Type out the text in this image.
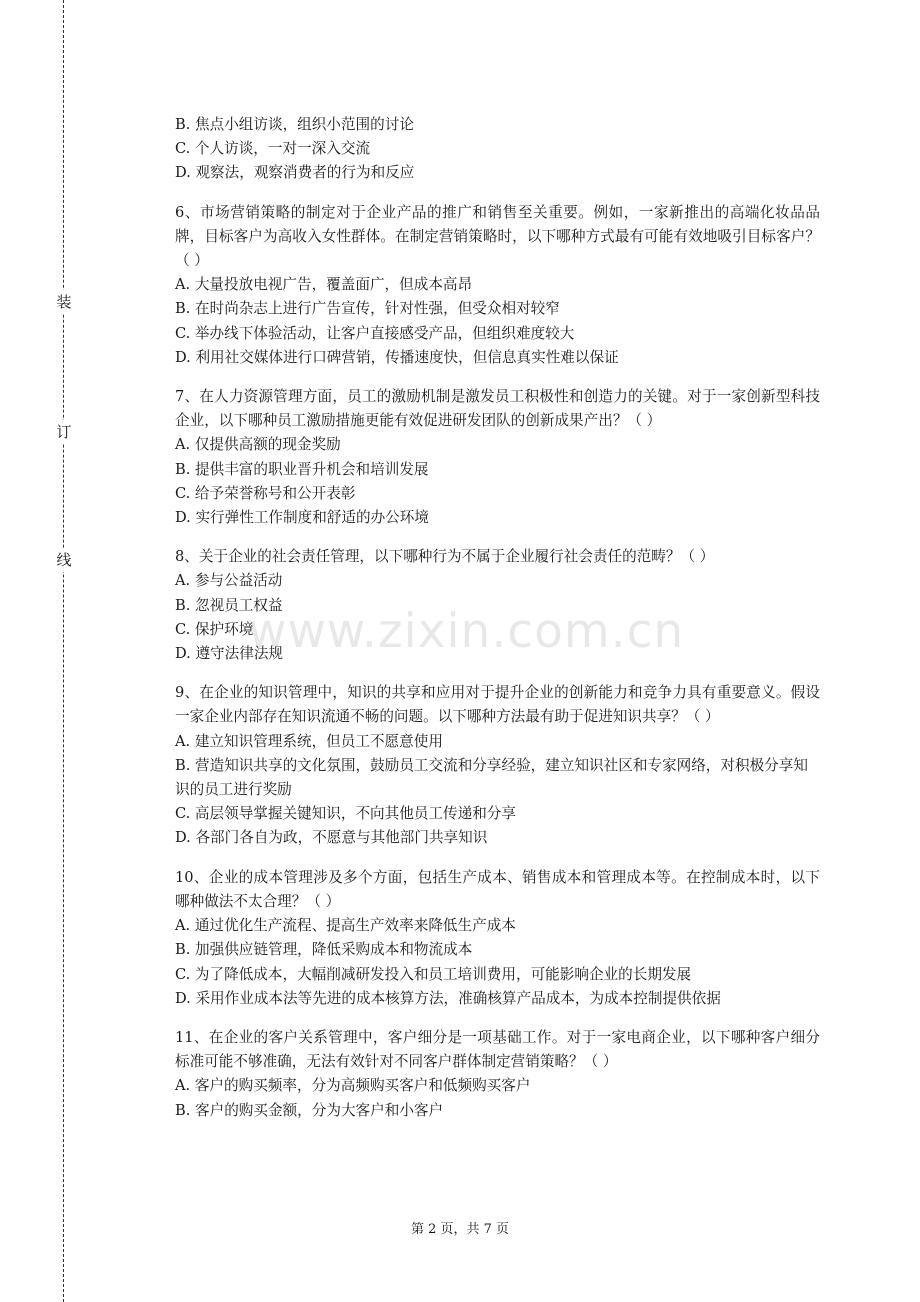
装
订
线

B. 焦点小组访谈，组织小范围的讨论

C. 个人访谈，一对一深入交流

D. 观察法，观察消费者的行为和反应

6、市场营销策略的制定对于企业产品的推广和销售至关重要。例如，一家新推出的高端化妆品品牌，目标客户为高收入女性群体。在制定营销策略时，以下哪种方式最有可能有效地吸引目标客户？（ ）

A. 大量投放电视广告，覆盖面广，但成本高昂

B. 在时尚杂志上进行广告宣传，针对性强，但受众相对较窄

C. 举办线下体验活动，让客户直接感受产品，但组织难度较大

D. 利用社交媒体进行口碑营销，传播速度快，但信息真实性难以保证

7、在人力资源管理方面，员工的激励机制是激发员工积极性和创造力的关键。对于一家创新型科技企业，以下哪种员工激励措施更能有效促进研发团队的创新成果产出？（ ）

A. 仅提供高额的现金奖励

B. 提供丰富的职业晋升机会和培训发展

C. 给予荣誉称号和公开表彰

D. 实行弹性工作制度和舒适的办公环境

8、关于企业的社会责任管理，以下哪种行为不属于企业履行社会责任的范畴？（ ）

A. 参与公益活动

B. 忽视员工权益

C. 保护环境

D. 遵守法律法规

9、在企业的知识管理中，知识的共享和应用对于提升企业的创新能力和竞争力具有重要意义。假设一家企业内部存在知识流通不畅的问题。以下哪种方法最有助于促进知识共享？（ ）

A. 建立知识管理系统，但员工不愿意使用

B. 营造知识共享的文化氛围，鼓励员工交流和分享经验，建立知识社区和专家网络，对积极分享知识的员工进行奖励

C. 高层领导掌握关键知识，不向其他员工传递和分享

D. 各部门各自为政，不愿意与其他部门共享知识

10、企业的成本管理涉及多个方面，包括生产成本、销售成本和管理成本等。在控制成本时，以下哪种做法不太合理？（ ）

A. 通过优化生产流程、提高生产效率来降低生产成本

B. 加强供应链管理，降低采购成本和物流成本

C. 为了降低成本，大幅削减研发投入和员工培训费用，可能影响企业的长期发展

D. 采用作业成本法等先进的成本核算方法，准确核算产品成本，为成本控制提供依据

11、在企业的客户关系管理中，客户细分是一项基础工作。对于一家电商企业，以下哪种客户细分标准可能不够准确，无法有效针对不同客户群体制定营销策略？（ ）

A. 客户的购买频率，分为高频购买客户和低频购买客户

B. 客户的购买金额，分为大客户和小客户

www.zixin.com.cn
第 2 页，共 7 页
